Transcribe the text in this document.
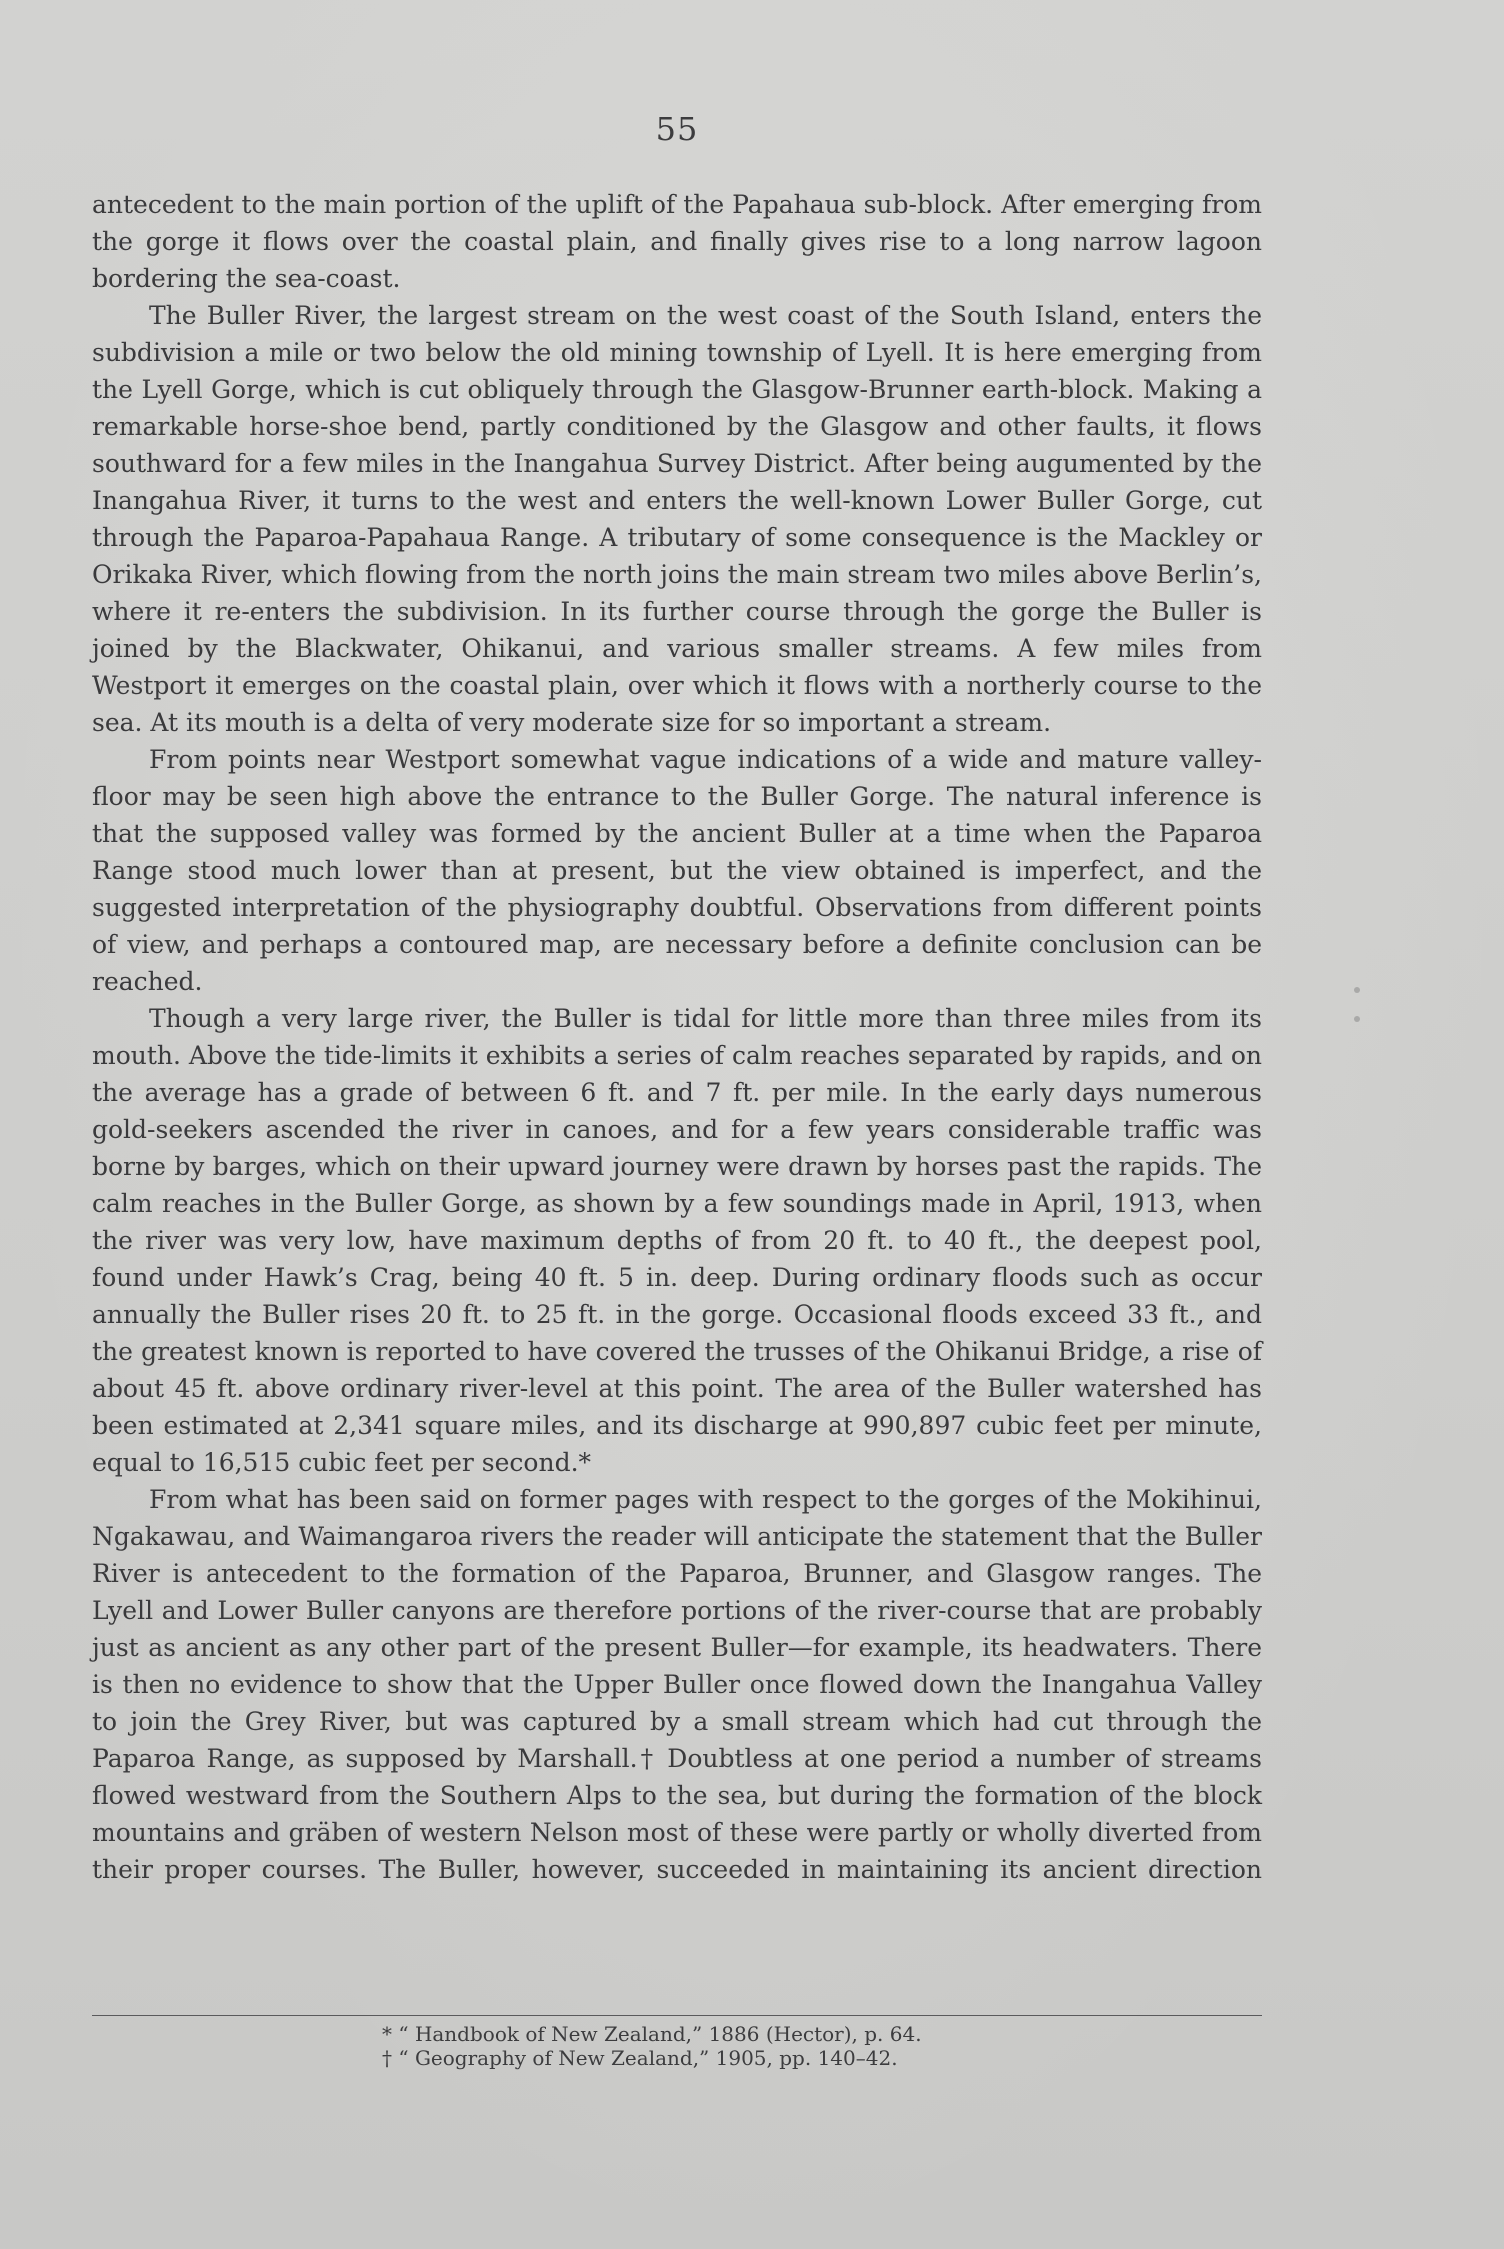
55

antecedent to the main portion of the uplift of the Papahaua sub-block. After emerging from the gorge it flows over the coastal plain, and finally gives rise to a long narrow lagoon bordering the sea-coast.

The Buller River, the largest stream on the west coast of the South Island, enters the subdivision a mile or two below the old mining township of Lyell. It is here emerging from the Lyell Gorge, which is cut obliquely through the Glasgow-Brunner earth-block. Making a remarkable horse-shoe bend, partly conditioned by the Glasgow and other faults, it flows southward for a few miles in the Inangahua Survey District. After being augumented by the Inangahua River, it turns to the west and enters the well-known Lower Buller Gorge, cut through the Paparoa-Papahaua Range. A tributary of some consequence is the Mackley or Orikaka River, which flowing from the north joins the main stream two miles above Berlin’s, where it re-enters the subdivision. In its further course through the gorge the Buller is joined by the Blackwater, Ohikanui, and various smaller streams. A few miles from Westport it emerges on the coastal plain, over which it flows with a northerly course to the sea. At its mouth is a delta of very moderate size for so important a stream.

From points near Westport somewhat vague indications of a wide and mature valley-floor may be seen high above the entrance to the Buller Gorge. The natural inference is that the supposed valley was formed by the ancient Buller at a time when the Paparoa Range stood much lower than at present, but the view obtained is imperfect, and the suggested interpretation of the physiography doubtful. Observations from different points of view, and perhaps a contoured map, are necessary before a definite conclusion can be reached.

Though a very large river, the Buller is tidal for little more than three miles from its mouth. Above the tide-limits it exhibits a series of calm reaches separated by rapids, and on the average has a grade of between 6 ft. and 7 ft. per mile. In the early days numerous gold-seekers ascended the river in canoes, and for a few years considerable traffic was borne by barges, which on their upward journey were drawn by horses past the rapids. The calm reaches in the Buller Gorge, as shown by a few soundings made in April, 1913, when the river was very low, have maximum depths of from 20 ft. to 40 ft., the deepest pool, found under Hawk’s Crag, being 40 ft. 5 in. deep. During ordinary floods such as occur annually the Buller rises 20 ft. to 25 ft. in the gorge. Occasional floods exceed 33 ft., and the greatest known is reported to have covered the trusses of the Ohikanui Bridge, a rise of about 45 ft. above ordinary river-level at this point. The area of the Buller watershed has been estimated at 2,341 square miles, and its discharge at 990,897 cubic feet per minute, equal to 16,515 cubic feet per second.*

From what has been said on former pages with respect to the gorges of the Mokihinui, Ngakawau, and Waimangaroa rivers the reader will anticipate the statement that the Buller River is antecedent to the formation of the Paparoa, Brunner, and Glasgow ranges. The Lyell and Lower Buller canyons are therefore portions of the river-course that are probably just as ancient as any other part of the present Buller—for example, its headwaters. There is then no evidence to show that the Upper Buller once flowed down the Inangahua Valley to join the Grey River, but was captured by a small stream which had cut through the Paparoa Range, as supposed by Marshall.† Doubtless at one period a number of streams flowed westward from the Southern Alps to the sea, but during the formation of the block mountains and gräben of western Nelson most of these were partly or wholly diverted from their proper courses. The Buller, however, succeeded in maintaining its ancient direction

* “ Handbook of New Zealand,” 1886 (Hector), p. 64.
† “ Geography of New Zealand,” 1905, pp. 140–42.
